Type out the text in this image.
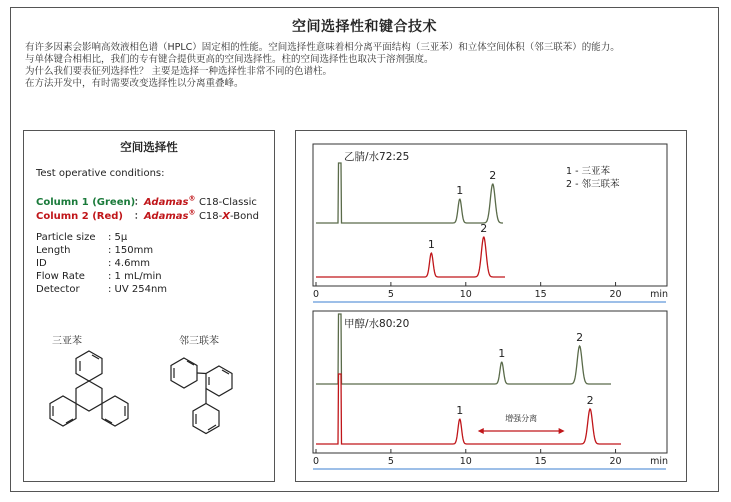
空间选择性和键合技术
有许多因素会影响高效液相色谱（HPLC）固定相的性能。空间选择性意味着相分离平面结构（三亚苯）和立体空间体积（邻三联苯）的能力。
与单体键合相相比，我们的专有键合提供更高的空间选择性。柱的空间选择性也取决于溶剂强度。
为什么我们要表征列选择性？ 主要是选择一种选择性非常不同的色谱柱。
在方法开发中，有时需要改变选择性以分离重叠峰。
空间选择性
Test operative conditions:
Column 1 (Green)：Adamas® C18-Classic
Column 2 (Red) ：Adamas® C18-X-Bond
Particle size : 5μ
Length	: 150mm
ID	: 4.6mm
Flow Rate : 1 mL/min
Detector	: UV 254nm
三亚苯	邻三联苯
乙腈/水72:25
0	5	10	15	20	min
1
2
1
2
1 - 三亚苯
2 - 邻三联苯
甲醇/水80:20
0	5	10	15	20	min
1
2
1
2
增强分离
